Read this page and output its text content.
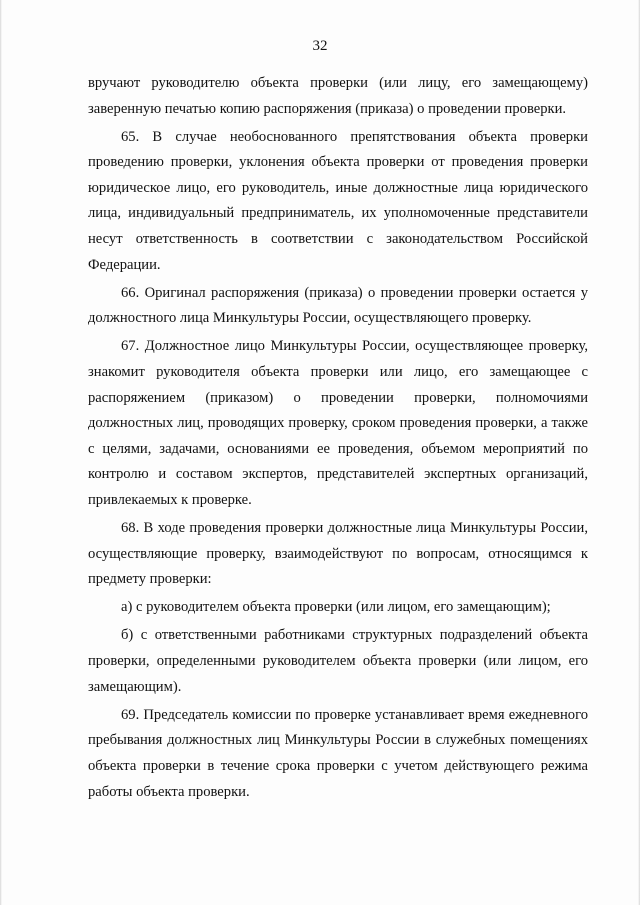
32

вручают руководителю объекта проверки (или лицу, его замещающему) заверенную печатью копию распоряжения (приказа) о проведении проверки.

65. В случае необоснованного препятствования объекта проверки проведению проверки, уклонения объекта проверки от проведения проверки юридическое лицо, его руководитель, иные должностные лица юридического лица, индивидуальный предприниматель, их уполномоченные представители несут ответственность в соответствии с законодательством Российской Федерации.

66. Оригинал распоряжения (приказа) о проведении проверки остается у должностного лица Минкультуры России, осуществляющего проверку.

67. Должностное лицо Минкультуры России, осуществляющее проверку, знакомит руководителя объекта проверки или лицо, его замещающее с распоряжением (приказом) о проведении проверки, полномочиями должностных лиц, проводящих проверку, сроком проведения проверки, а также с целями, задачами, основаниями ее проведения, объемом мероприятий по контролю и составом экспертов, представителей экспертных организаций, привлекаемых к проверке.

68. В ходе проведения проверки должностные лица Минкультуры России, осуществляющие проверку, взаимодействуют по вопросам, относящимся к предмету проверки:

а) с руководителем объекта проверки (или лицом, его замещающим);

б) с ответственными работниками структурных подразделений объекта проверки, определенными руководителем объекта проверки (или лицом, его замещающим).

69. Председатель комиссии по проверке устанавливает время ежедневного пребывания должностных лиц Минкультуры России в служебных помещениях объекта проверки в течение срока проверки с учетом действующего режима работы объекта проверки.
